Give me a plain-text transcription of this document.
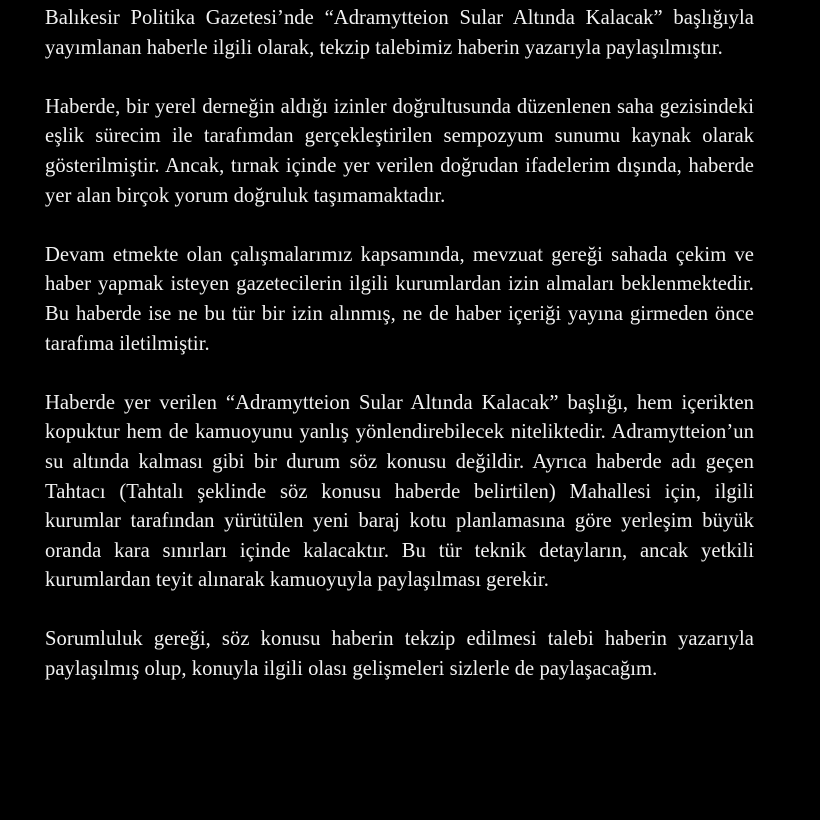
Balıkesir Politika Gazetesi’nde “Adramytteion Sular Altında Kalacak” başlığıyla yayımlanan haberle ilgili olarak, tekzip talebimiz haberin yazarıyla paylaşılmıştır.

Haberde, bir yerel derneğin aldığı izinler doğrultusunda düzenlenen saha gezisindeki eşlik sürecim ile tarafımdan gerçekleştirilen sempozyum sunumu kaynak olarak gösterilmiştir. Ancak, tırnak içinde yer verilen doğrudan ifadelerim dışında, haberde yer alan birçok yorum doğruluk taşımamaktadır.

Devam etmekte olan çalışmalarımız kapsamında, mevzuat gereği sahada çekim ve haber yapmak isteyen gazetecilerin ilgili kurumlardan izin almaları beklenmektedir. Bu haberde ise ne bu tür bir izin alınmış, ne de haber içeriği yayına girmeden önce tarafıma iletilmiştir.

Haberde yer verilen “Adramytteion Sular Altında Kalacak” başlığı, hem içerikten kopuktur hem de kamuoyunu yanlış yönlendirebilecek niteliktedir. Adramytteion’un su altında kalması gibi bir durum söz konusu değildir. Ayrıca haberde adı geçen Tahtacı (Tahtalı şeklinde söz konusu haberde belirtilen) Mahallesi için, ilgili kurumlar tarafından yürütülen yeni baraj kotu planlamasına göre yerleşim büyük oranda kara sınırları içinde kalacaktır. Bu tür teknik detayların, ancak yetkili kurumlardan teyit alınarak kamuoyuyla paylaşılması gerekir.

Sorumluluk gereği, söz konusu haberin tekzip edilmesi talebi haberin yazarıyla paylaşılmış olup, konuyla ilgili olası gelişmeleri sizlerle de paylaşacağım.
